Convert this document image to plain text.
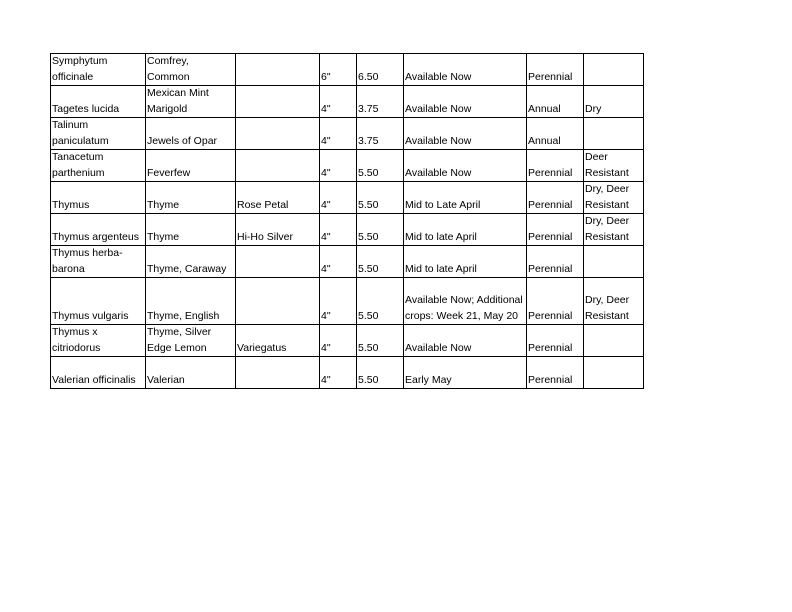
Symphytum officinale	Comfrey, Common		6"	6.50	Available Now	Perennial	
Tagetes lucida	Mexican Mint Marigold		4"	3.75	Available Now	Annual	Dry
Talinum paniculatum	Jewels of Opar		4"	3.75	Available Now	Annual	
Tanacetum parthenium	Feverfew		4"	5.50	Available Now	Perennial	Deer Resistant
Thymus	Thyme	Rose Petal	4"	5.50	Mid to Late April	Perennial	Dry, Deer Resistant
Thymus argenteus	Thyme	Hi-Ho Silver	4"	5.50	Mid to late April	Perennial	Dry, Deer Resistant
Thymus herba-barona	Thyme, Caraway		4"	5.50	Mid to late April	Perennial	
Thymus vulgaris	Thyme, English		4"	5.50	Available Now; Additional crops: Week 21, May 20	Perennial	Dry, Deer Resistant
Thymus x citriodorus	Thyme, Silver Edge Lemon	Variegatus	4"	5.50	Available Now	Perennial	
Valerian officinalis	Valerian		4"	5.50	Early May	Perennial	
